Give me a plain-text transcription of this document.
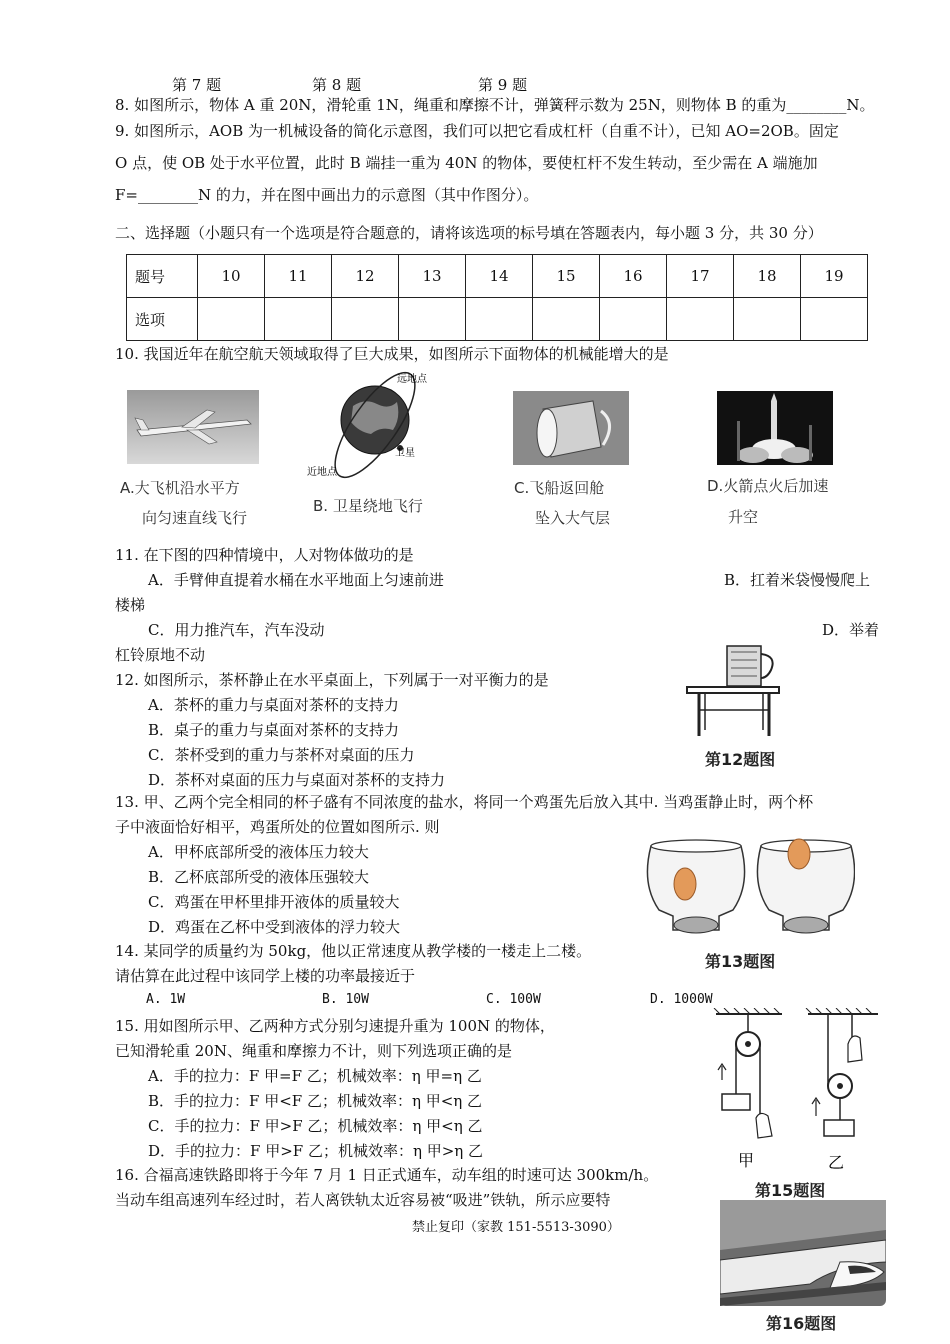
第 7 题	第 8 题	第 9 题
8. 如图所示，物体 A 重 20N，滑轮重 1N，绳重和摩擦不计，弹簧秤示数为 25N，则物体 B 的重为________N。
9. 如图所示，AOB 为一机械设备的简化示意图，我们可以把它看成杠杆（自重不计），已知 AO=2OB。固定
O 点，使 OB 处于水平位置，此时 B 端挂一重为 40N 的物体，要使杠杆不发生转动，至少需在 A 端施加
F=________N 的力，并在图中画出力的示意图（其中作图分）。
二、选择题（小题只有一个选项是符合题意的，请将该选项的标号填在答题表内，每小题 3 分，共 30 分）
题号	10	11	12	13	14	15	16	17	18	19
选项										
10. 我国近年在航空航天领域取得了巨大成果，如图所示下面物体的机械能增大的是
A.大飞机沿水平方
向匀速直线飞行
远地点
近地点
卫星
B. 卫星绕地飞行
C.飞船返回舱
坠入大气层
D.火箭点火后加速
升空
11. 在下图的四种情境中，人对物体做功的是
A．手臂伸直提着水桶在水平地面上匀速前进	B．扛着米袋慢慢爬上
楼梯
C．用力推汽车，汽车没动	D．举着
杠铃原地不动
12. 如图所示，茶杯静止在水平桌面上，下列属于一对平衡力的是
A．茶杯的重力与桌面对茶杯的支持力
B．桌子的重力与桌面对茶杯的支持力
C．茶杯受到的重力与茶杯对桌面的压力
D．茶杯对桌面的压力与桌面对茶杯的支持力
第12题图
13. 甲、乙两个完全相同的杯子盛有不同浓度的盐水，将同一个鸡蛋先后放入其中. 当鸡蛋静止时，两个杯
子中液面恰好相平，鸡蛋所处的位置如图所示. 则
A．甲杯底部所受的液体压力较大
B．乙杯底部所受的液体压强较大
C．鸡蛋在甲杯里排开液体的质量较大
D．鸡蛋在乙杯中受到液体的浮力较大
第13题图
14. 某同学的质量约为 50kg，他以正常速度从教学楼的一楼走上二楼。
请估算在此过程中该同学上楼的功率最接近于
A. 1W	B. 10W	C. 100W	D. 1000W
15. 用如图所示甲、乙两种方式分别匀速提升重为 100N 的物体，
已知滑轮重 20N、绳重和摩擦力不计，则下列选项正确的是
A．手的拉力：F 甲=F 乙；机械效率：η 甲=η 乙
B．手的拉力：F 甲<F 乙；机械效率：η 甲<η 乙
C．手的拉力：F 甲>F 乙；机械效率：η 甲<η 乙
D．手的拉力：F 甲>F 乙；机械效率：η 甲>η 乙	甲	乙
第15题图
16. 合福高速铁路即将于今年 7 月 1 日正式通车，动车组的时速可达 300km/h。
当动车组高速列车经过时，若人离铁轨太近容易被“吸进”铁轨，所示应要特
第16题图
禁止复印（家教 151-5513-3090）
